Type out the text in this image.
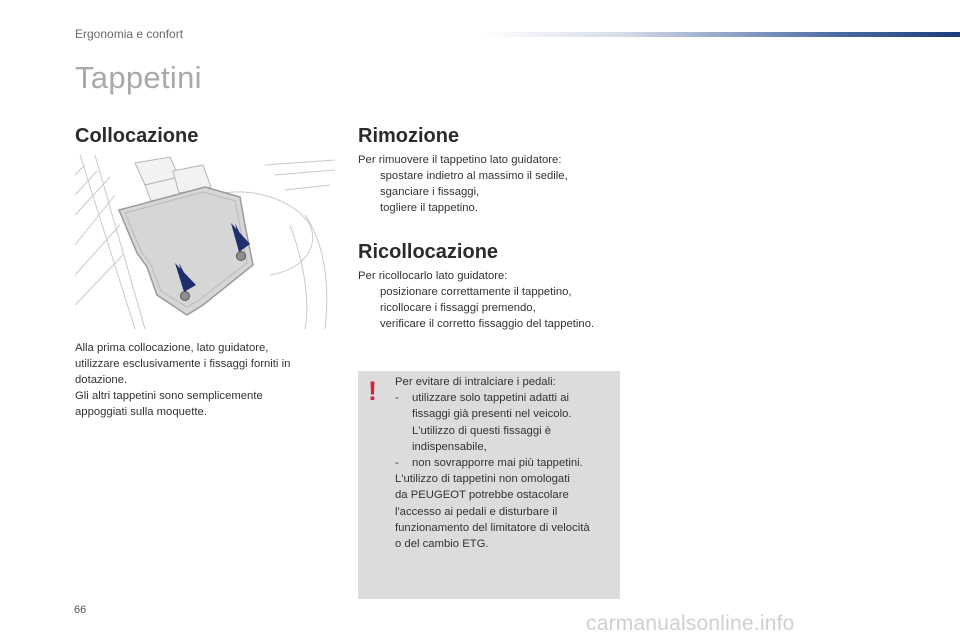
Ergonomia e confort
Tappetini
Collocazione
Alla prima collocazione, lato guidatore,
utilizzare esclusivamente i fissaggi forniti in
dotazione.
Gli altri tappetini sono semplicemente
appoggiati sulla moquette.
Rimozione
Per rimuovere il tappetino lato guidatore:
spostare indietro al massimo il sedile,
sganciare i fissaggi,
togliere il tappetino.
Ricollocazione
Per ricollocarlo lato guidatore:
posizionare correttamente il tappetino,
ricollocare i fissaggi premendo,
verificare il corretto fissaggio del tappetino.
! Per evitare di intralciare i pedali:
-	utilizzare solo tappetini adatti ai
fissaggi già presenti nel veicolo.
L'utilizzo di questi fissaggi è
indispensabile,
-	non sovrapporre mai più tappetini.
L'utilizzo di tappetini non omologati
da PEUGEOT potrebbe ostacolare
l'accesso ai pedali e disturbare il
funzionamento del limitatore di velocità
o del cambio ETG.
66
carmanualsonline.info
